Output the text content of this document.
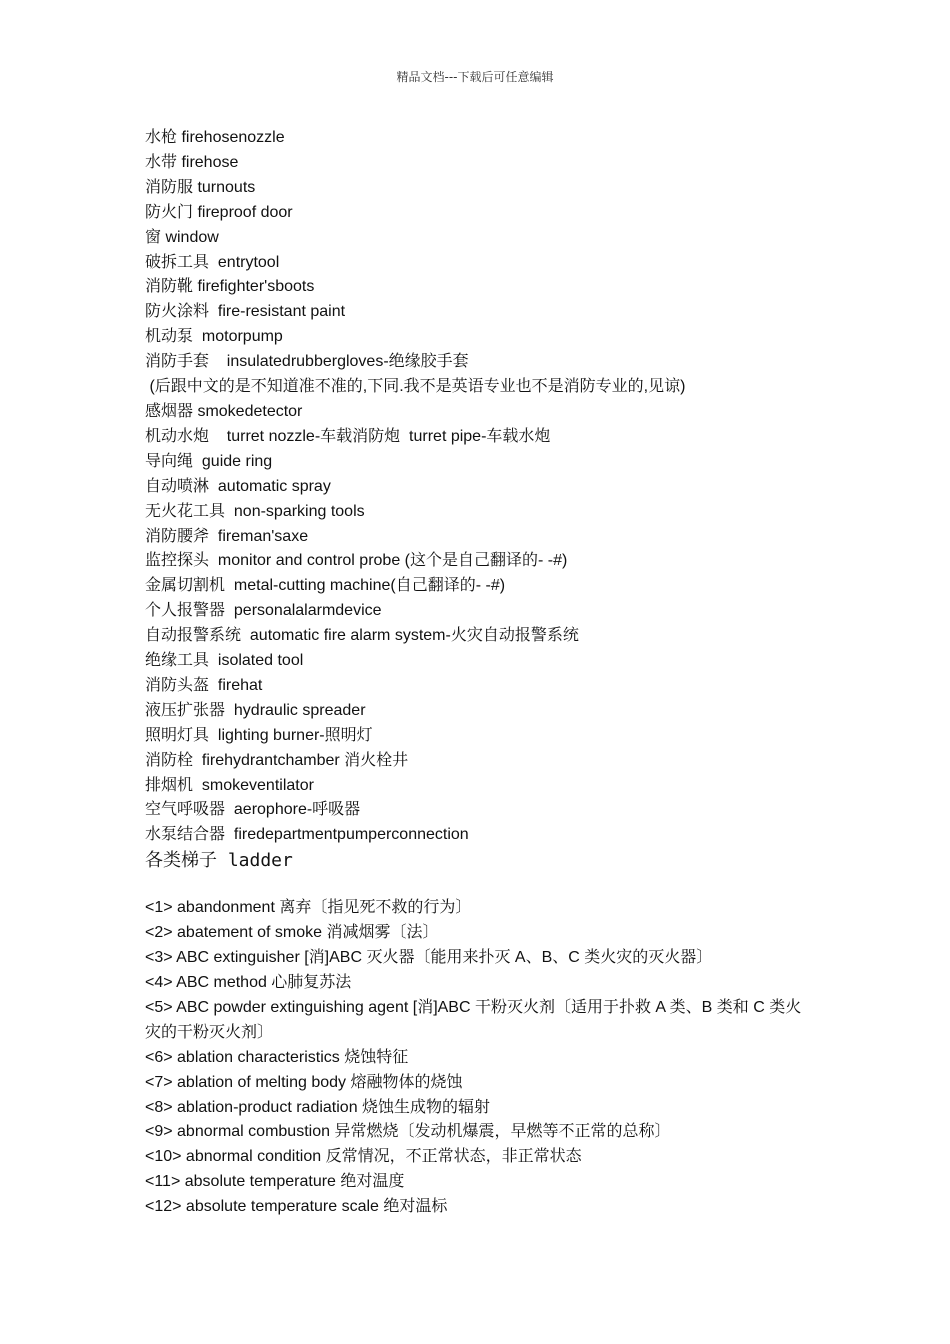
精品文档---下载后可任意编辑
水枪 firehosenozzle
水带 firehose
消防服 turnouts
防火门 fireproof door
窗 window
破拆工具  entrytool
消防靴 firefighter'sboots
防火涂料  fire-resistant paint
机动泵  motorpump
消防手套    insulatedrubbergloves-绝缘胶手套
(后跟中文的是不知道准不准的,下同.我不是英语专业也不是消防专业的,见谅)
感烟器 smokedetector
机动水炮    turret nozzle-车载消防炮  turret pipe-车载水炮
导向绳  guide ring
自动喷淋  automatic spray
无火花工具  non-sparking tools
消防腰斧  fireman'saxe
监控探头  monitor and control probe (这个是自己翻译的- -#)
金属切割机  metal-cutting machine(自己翻译的- -#)
个人报警器  personalalarmdevice
自动报警系统  automatic fire alarm system-火灾自动报警系统
绝缘工具  isolated tool
消防头盔  firehat
液压扩张器  hydraulic spreader
照明灯具  lighting burner-照明灯
消防栓  firehydrantchamber 消火栓井
排烟机  smokeventilator
空气呼吸器  aerophore-呼吸器
水泵结合器  firedepartmentpumperconnection
各类梯子 ladder
<1> abandonment 离弃〔指见死不救的行为〕
<2> abatement of smoke 消减烟雾〔法〕
<3> ABC extinguisher [消]ABC 灭火器〔能用来扑灭 A、B、C 类火灾的灭火器〕
<4> ABC method 心肺复苏法
<5> ABC powder extinguishing agent [消]ABC 干粉灭火剂〔适用于扑救 A 类、B 类和 C 类火灾的干粉灭火剂〕
<6> ablation characteristics 烧蚀特征
<7> ablation of melting body 熔融物体的烧蚀
<8> ablation-product radiation 烧蚀生成物的辐射
<9> abnormal combustion 异常燃烧〔发动机爆震，早燃等不正常的总称〕
<10> abnormal condition 反常情况，不正常状态，非正常状态
<11> absolute temperature 绝对温度
<12> absolute temperature scale 绝对温标
